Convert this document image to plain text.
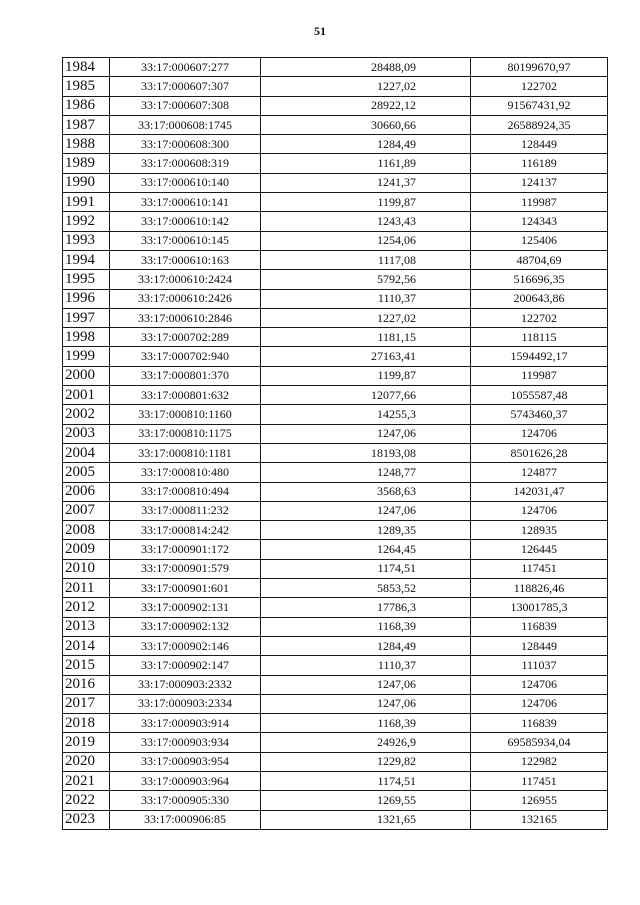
51
1984	33:17:000607:277	28488,09	80199670,97
1985	33:17:000607:307	1227,02	122702
1986	33:17:000607:308	28922,12	91567431,92
1987	33:17:000608:1745	30660,66	26588924,35
1988	33:17:000608:300	1284,49	128449
1989	33:17:000608:319	1161,89	116189
1990	33:17:000610:140	1241,37	124137
1991	33:17:000610:141	1199,87	119987
1992	33:17:000610:142	1243,43	124343
1993	33:17:000610:145	1254,06	125406
1994	33:17:000610:163	1117,08	48704,69
1995	33:17:000610:2424	5792,56	516696,35
1996	33:17:000610:2426	1110,37	200643,86
1997	33:17:000610:2846	1227,02	122702
1998	33:17:000702:289	1181,15	118115
1999	33:17:000702:940	27163,41	1594492,17
2000	33:17:000801:370	1199,87	119987
2001	33:17:000801:632	12077,66	1055587,48
2002	33:17:000810:1160	14255,3	5743460,37
2003	33:17:000810:1175	1247,06	124706
2004	33:17:000810:1181	18193,08	8501626,28
2005	33:17:000810:480	1248,77	124877
2006	33:17:000810:494	3568,63	142031,47
2007	33:17:000811:232	1247,06	124706
2008	33:17:000814:242	1289,35	128935
2009	33:17:000901:172	1264,45	126445
2010	33:17:000901:579	1174,51	117451
2011	33:17:000901:601	5853,52	118826,46
2012	33:17:000902:131	17786,3	13001785,3
2013	33:17:000902:132	1168,39	116839
2014	33:17:000902:146	1284,49	128449
2015	33:17:000902:147	1110,37	111037
2016	33:17:000903:2332	1247,06	124706
2017	33:17:000903:2334	1247,06	124706
2018	33:17:000903:914	1168,39	116839
2019	33:17:000903:934	24926,9	69585934,04
2020	33:17:000903:954	1229,82	122982
2021	33:17:000903:964	1174,51	117451
2022	33:17:000905:330	1269,55	126955
2023	33:17:000906:85	1321,65	132165
